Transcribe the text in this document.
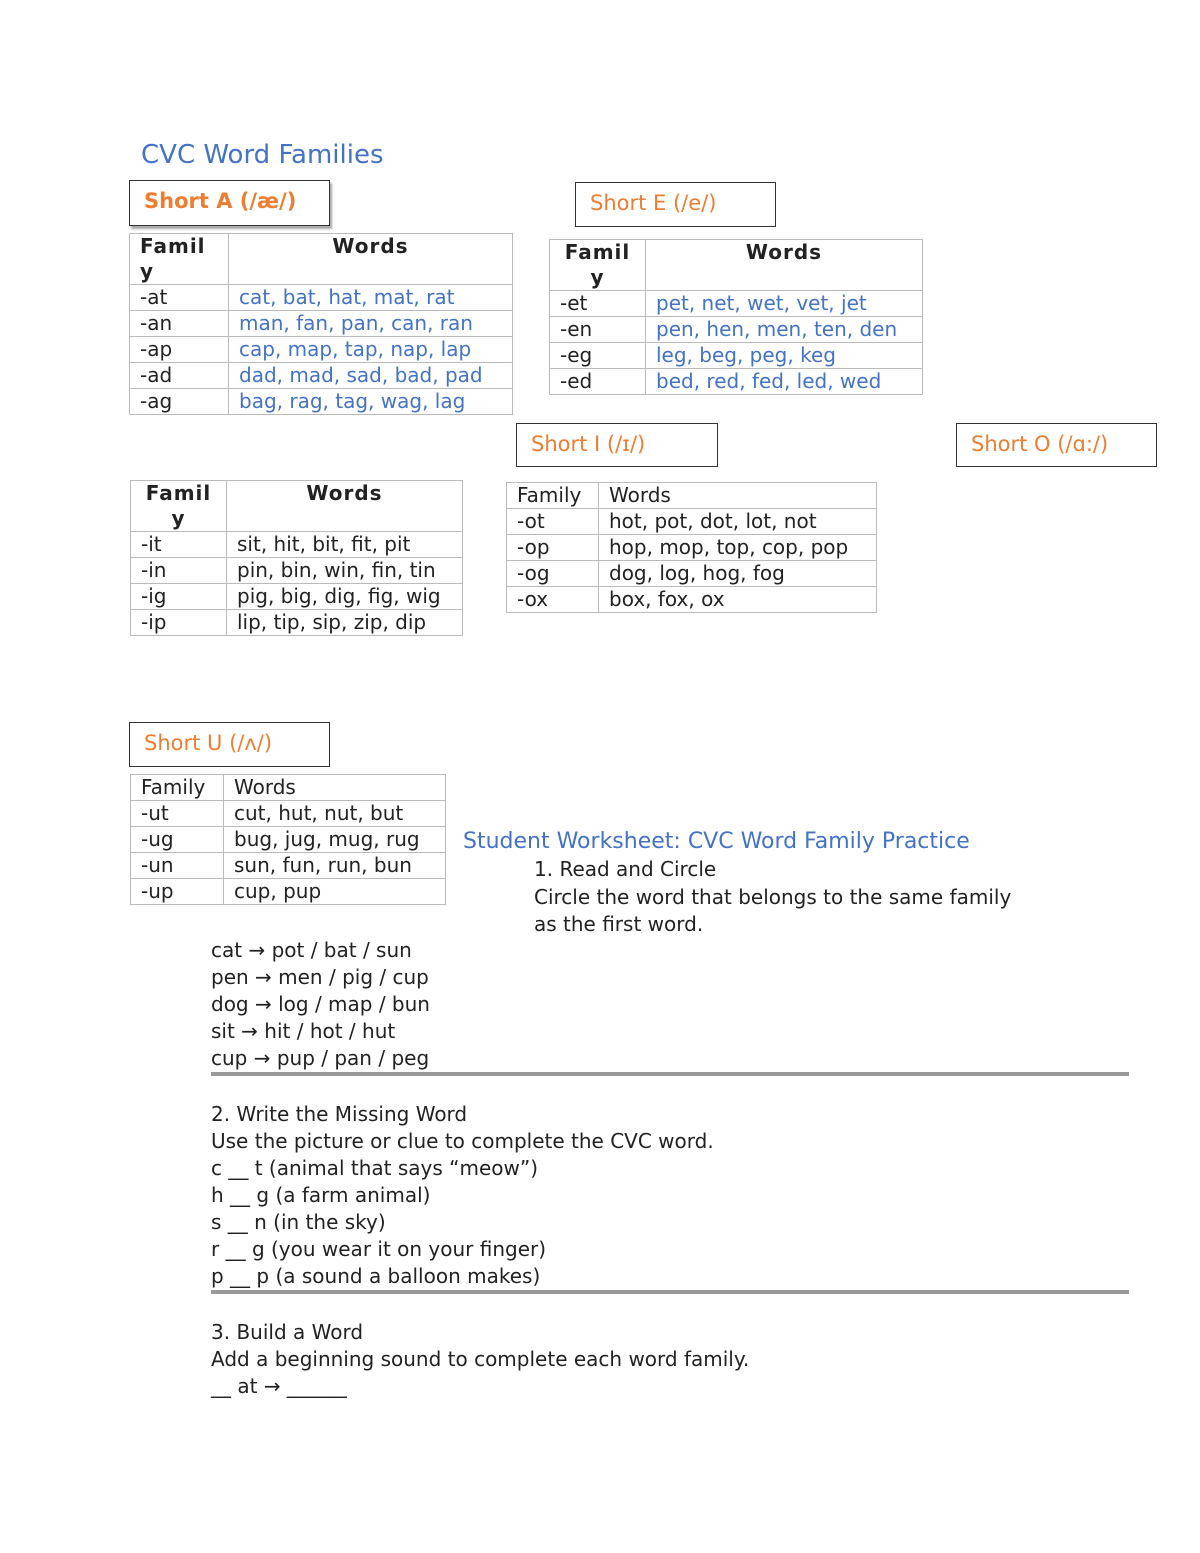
CVC Word Families
Short A (/æ/)
Famil
y	Words
-at	cat, bat, hat, mat, rat
-an	man, fan, pan, can, ran
-ap	cap, map, tap, nap, lap
-ad	dad, mad, sad, bad, pad
-ag	bag, rag, tag, wag, lag
Short E (/e/)
Famil
y	Words
-et	pet, net, wet, vet, jet
-en	pen, hen, men, ten, den
-eg	leg, beg, peg, keg
-ed	bed, red, fed, led, wed
Short I (/ɪ/)
Famil
y	Words
-it	sit, hit, bit, fit, pit
-in	pin, bin, win, fin, tin
-ig	pig, big, dig, fig, wig
-ip	lip, tip, sip, zip, dip
Short O (/ɑ:/)
Family	Words
-ot	hot, pot, dot, lot, not
-op	hop, mop, top, cop, pop
-og	dog, log, hog, fog
-ox	box, fox, ox
Short U (/ʌ/)
Family	Words
-ut	cut, hut, nut, but
-ug	bug, jug, mug, rug
-un	sun, fun, run, bun
-up	cup, pup
Student Worksheet: CVC Word Family Practice
1. Read and Circle
Circle the word that belongs to the same family
as the first word.
cat → pot / bat / sun
pen → men / pig / cup
dog → log / map / bun
sit → hit / hot / hut
cup → pup / pan / peg
2. Write the Missing Word
Use the picture or clue to complete the CVC word.
c __ t (animal that says “meow”)
h __ g (a farm animal)
s __ n (in the sky)
r __ g (you wear it on your finger)
p __ p (a sound a balloon makes)
3. Build a Word
Add a beginning sound to complete each word family.
__ at → ______
